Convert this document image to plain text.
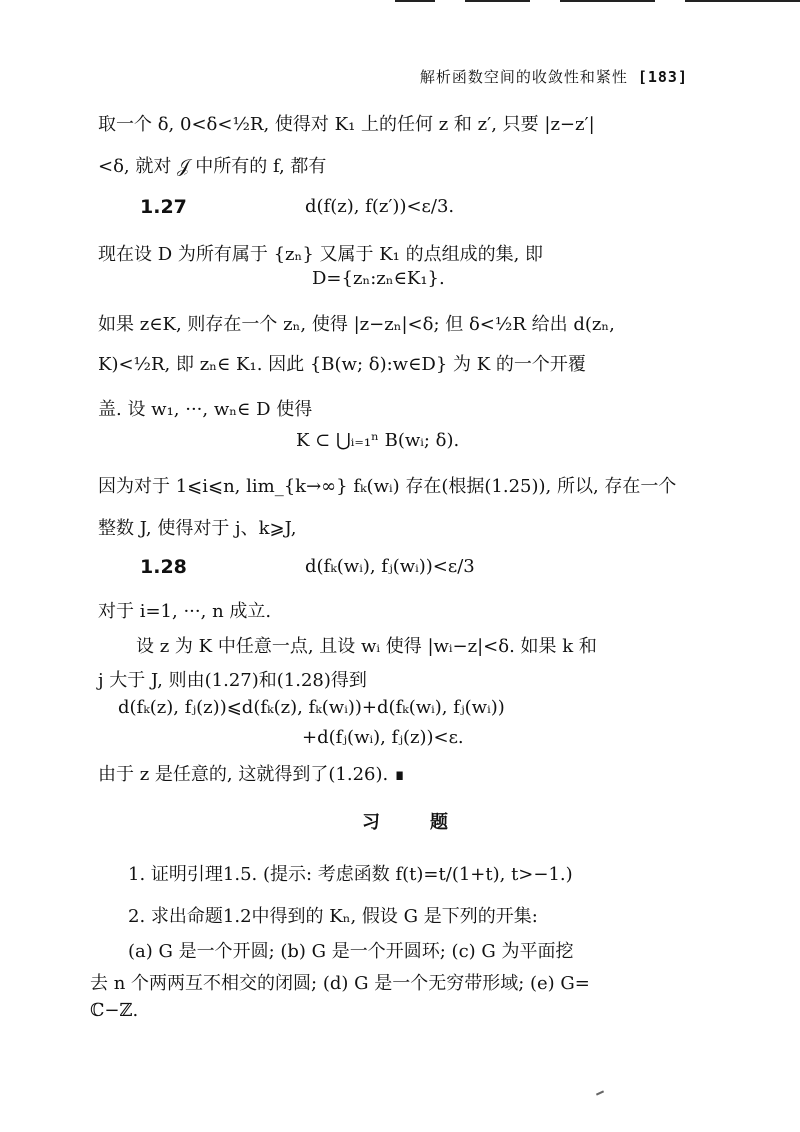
解析函数空间的收敛性和紧性 [183]
取一个 δ, 0<δ<½R, 使得对 K₁ 上的任何 z 和 z′, 只要 |z−z′|
<δ, 就对 𝒥 中所有的 f, 都有
1.27	d(f(z), f(z′))<ε/3.
现在设 D 为所有属于 {zₙ} 又属于 K₁ 的点组成的集, 即
D={zₙ:zₙ∈K₁}.
如果 z∈K, 则存在一个 zₙ, 使得 |z−zₙ|<δ; 但 δ<½R 给出 d(zₙ,
K)<½R, 即 zₙ∈ K₁. 因此 {B(w; δ):w∈D} 为 K 的一个开覆
盖. 设 w₁, ···, wₙ∈ D 使得
K ⊂ ⋃ᵢ₌₁ⁿ B(wᵢ; δ).
因为对于 1⩽i⩽n, lim_{k→∞} fₖ(wᵢ) 存在(根据(1.25)), 所以, 存在一个
整数 J, 使得对于 j、k⩾J,
1.28	d(fₖ(wᵢ), fⱼ(wᵢ))<ε/3
对于 i=1, ···, n 成立.
设 z 为 K 中任意一点, 且设 wᵢ 使得 |wᵢ−z|<δ. 如果 k 和
j 大于 J, 则由(1.27)和(1.28)得到
d(fₖ(z), fⱼ(z))⩽d(fₖ(z), fₖ(wᵢ))+d(fₖ(wᵢ), fⱼ(wᵢ))
+d(fⱼ(wᵢ), fⱼ(z))<ε.
由于 z 是任意的, 这就得到了(1.26). ∎
习题
1. 证明引理1.5. (提示: 考虑函数 f(t)=t/(1+t), t>−1.)
2. 求出命题1.2中得到的 Kₙ, 假设 G 是下列的开集:
(a) G 是一个开圆; (b) G 是一个开圆环; (c) G 为平面挖
去 n 个两两互不相交的闭圆; (d) G 是一个无穷带形域; (e) G=
ℂ−ℤ.
